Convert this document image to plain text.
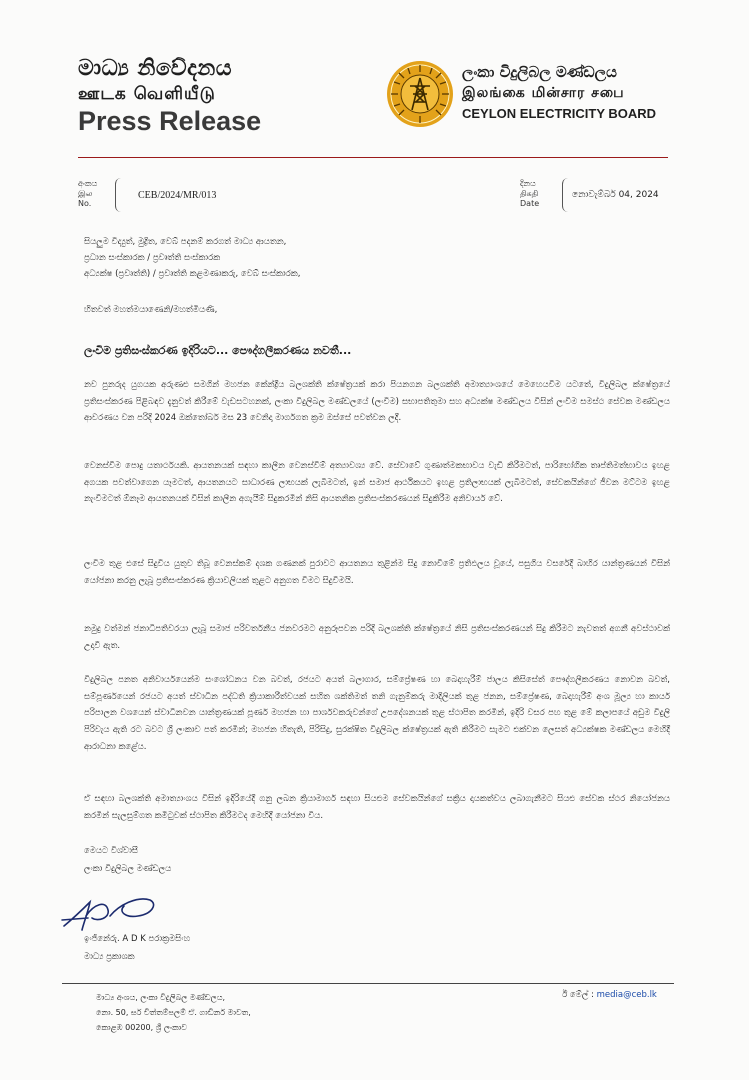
මාධ්‍ය නිවේදනය
ஊடக வெளியீடு
Press Release
ලංකා විදුලිබල මණ්ඩලය
இலங்கை மின்சார சபை
CEYLON ELECTRICITY BOARD
අංකය
இல
No.
CEB/2024/MR/013
දිනය
திகதி
Date
නොවැම්බර් 04, 2024
සියලුම විද්‍යුත්, මුද්‍රිත, වෙබ් පදනම් කරගත් මාධ්‍ය ආයතන,
ප්‍රධාන සංස්කාරක / ප්‍රවෘත්ති සංස්කාරක
අධ්‍යක්ෂ (ප්‍රවෘත්ති) / ප්‍රවෘත්ති කළමණාකරු, වෙබ් සංස්කාරක,
හිතවත් මහත්මයාණෙනි/මහත්මියණි,
ලංවිම ප්‍රතිසංස්කරණ ඉදිරියට... පෞද්ගලීකරණය නවතී...
නව පුනරුද යුගයක අරුණළු සමගින් මහජන කේන්ද්‍රීය බලශක්ති ක්ෂේත්‍රයක් කරා පියනගන බලශක්ති අමාත්‍යාංශයේ මෙහෙයවීම යටතේ, විදුලිබල ක්ෂේත්‍රයේ ප්‍රතිසංස්කරණ පිළිබඳව දැනුවත් කිරීමේ වැඩසටහනක්, ලංකා විදුලිබල මණ්ඩලයේ (ලංවිම) සභාපතිතුමා සහ අධ්‍යක්ෂ මණ්ඩලය විසින් ලංවිම සමස්ථ සේවක මණ්ඩලය ආවරණය වන පරිදි 2024 ඔක්තෝබර් මස 23 වෙනිදා මාර්ගගත ක්‍රම ඔස්සේ පවත්වන ලදී.
වෙනස්වීම පොදු යතාර්ථයකි. ආයතනයක් සඳහා කාලීන වෙනස්වීම් අත්‍යාවශ්‍ය වේ. සේවාවේ ගුණාත්මකභාවය වැඩි කිරීමටත්, පාරිභෝගික තෘප්තිමත්භාවය ඉහළ අගයක පවත්වාගෙන යෑමටත්, ආයතනයට සාධාරණ ලාභයක් ලැබීමටත්, ඉන් සමාජ ආර්ථිකයට ඉහළ ප්‍රතිලාභයක් ලැබීමටත්, සේවකයින්ගේ ජීවන මට්ටම ඉහළ නැංවීමටත් ඕනෑම ආයතනයක් විසින් කාලීන අගැයීම් සිදුකරමින් නිසි ආයතනික ප්‍රතිසංස්කරණයන් සිදුකිරීම අනිවාර්ය වේ.
ලංවිම තුළ එසේ සිදුවිය යුතුව තිබූ වෙනස්කම් දශක ගණනක් පුරාවට ආයතනය තුළින්ම සිදු නොවීමේ ප්‍රතිඵලය වූයේ, පසුගිය වසරේදී බාහිර යාන්ත්‍රණයන් විසින් යෝජනා කරනු ලැබූ ප්‍රතිසංස්කරණ ක්‍රියාවලියක් තුළට අනුගත වීමට සිදුවීමයි.
නමුදු වත්මන් ජනාධිපතිවරයා ලැබූ සමාජ පරිවර්තනීය ජනවරමට අනුරූපවන පරිදි බලශක්ති ක්ෂේත්‍රයේ නිසි ප්‍රතිසංස්කරණයන් සිදු කිරීමට නැවතත් අගනී අවස්ථාවක් උදාවී ඇත.
විදුලිබල පනත අනිවාර්යයෙන්ම සංශෝධනය වන බවත්, රජයට අයත් බලාගාර, සම්ප්‍රේෂණ හා බෙදාහැරීම් ජාලය කිසිසේත් පෞද්ගලීකරණය නොවන බවත්, සම්පූර්ණයෙන් රජයට අයත් ස්වාධීන පද්ධති ක්‍රියාකාරීත්වයක් සහිත ශක්තිමත් තනි ගැනුම්කරු මාදිලියක් තුළ ජනන, සම්ප්‍රේෂණ, බෙදාහැරීම් අංශ මූල්‍ය හා කාර්ය පරිපාලන වශයෙන් ස්වාධීනවන යාන්ත්‍රණයක් පූර්ණ මහජන හා පාර්ශවකරුවන්ගේ උපදේශනයක් තුළ ස්ථාපිත කරමින්, ඉදිරි වසර පහ තුළ මේ කලාපයේ අඩුම විදුලි පිරිවැය ඇති රට බවට ශ්‍රී ලංකාව පත් කරමින්; මහජන හිතැති, පිරිසිදු, සුරක්ෂිත විදුලිබල ක්ෂේත්‍රයක් ඇති කිරීමට සැමට එක්වන ලෙසත් අධ්‍යක්ෂක මණ්ඩලය මෙහිදී ආරාධනා කළේය.
ඒ සඳහා බලශක්ති අමාත්‍යාංශය විසින් ඉදිරියේදී ගනු ලබන ක්‍රියාමාර්ග සඳහා සියළුම සේවකයින්ගේ සක්‍රිය දායකත්වය ලබාගැනීමට සියළු සේවක ස්ථර නියෝජනය කරමින් සැලසුම්ගත කමිටුවක් ස්ථාපිත කිරීමටද මෙහිදී යෝජනා විය.
මෙයට විශ්වාසී
ලංකා විදුලිබල මණ්ඩලය
ඉංජිනේරු. A D K පරාක්‍රමසිංහ
මාධ්‍ය ප්‍රකාශක
මාධ්‍ය අංශය, ලංකා විදුලිබල මණ්ඩලය,
නො. 50, සර් චිත්තම්පලම් ඒ. ගාඩිනර් මාවත,
කොළඹ 00200, ශ්‍රී ලංකාව
ඊ මේල් : media@ceb.lk
